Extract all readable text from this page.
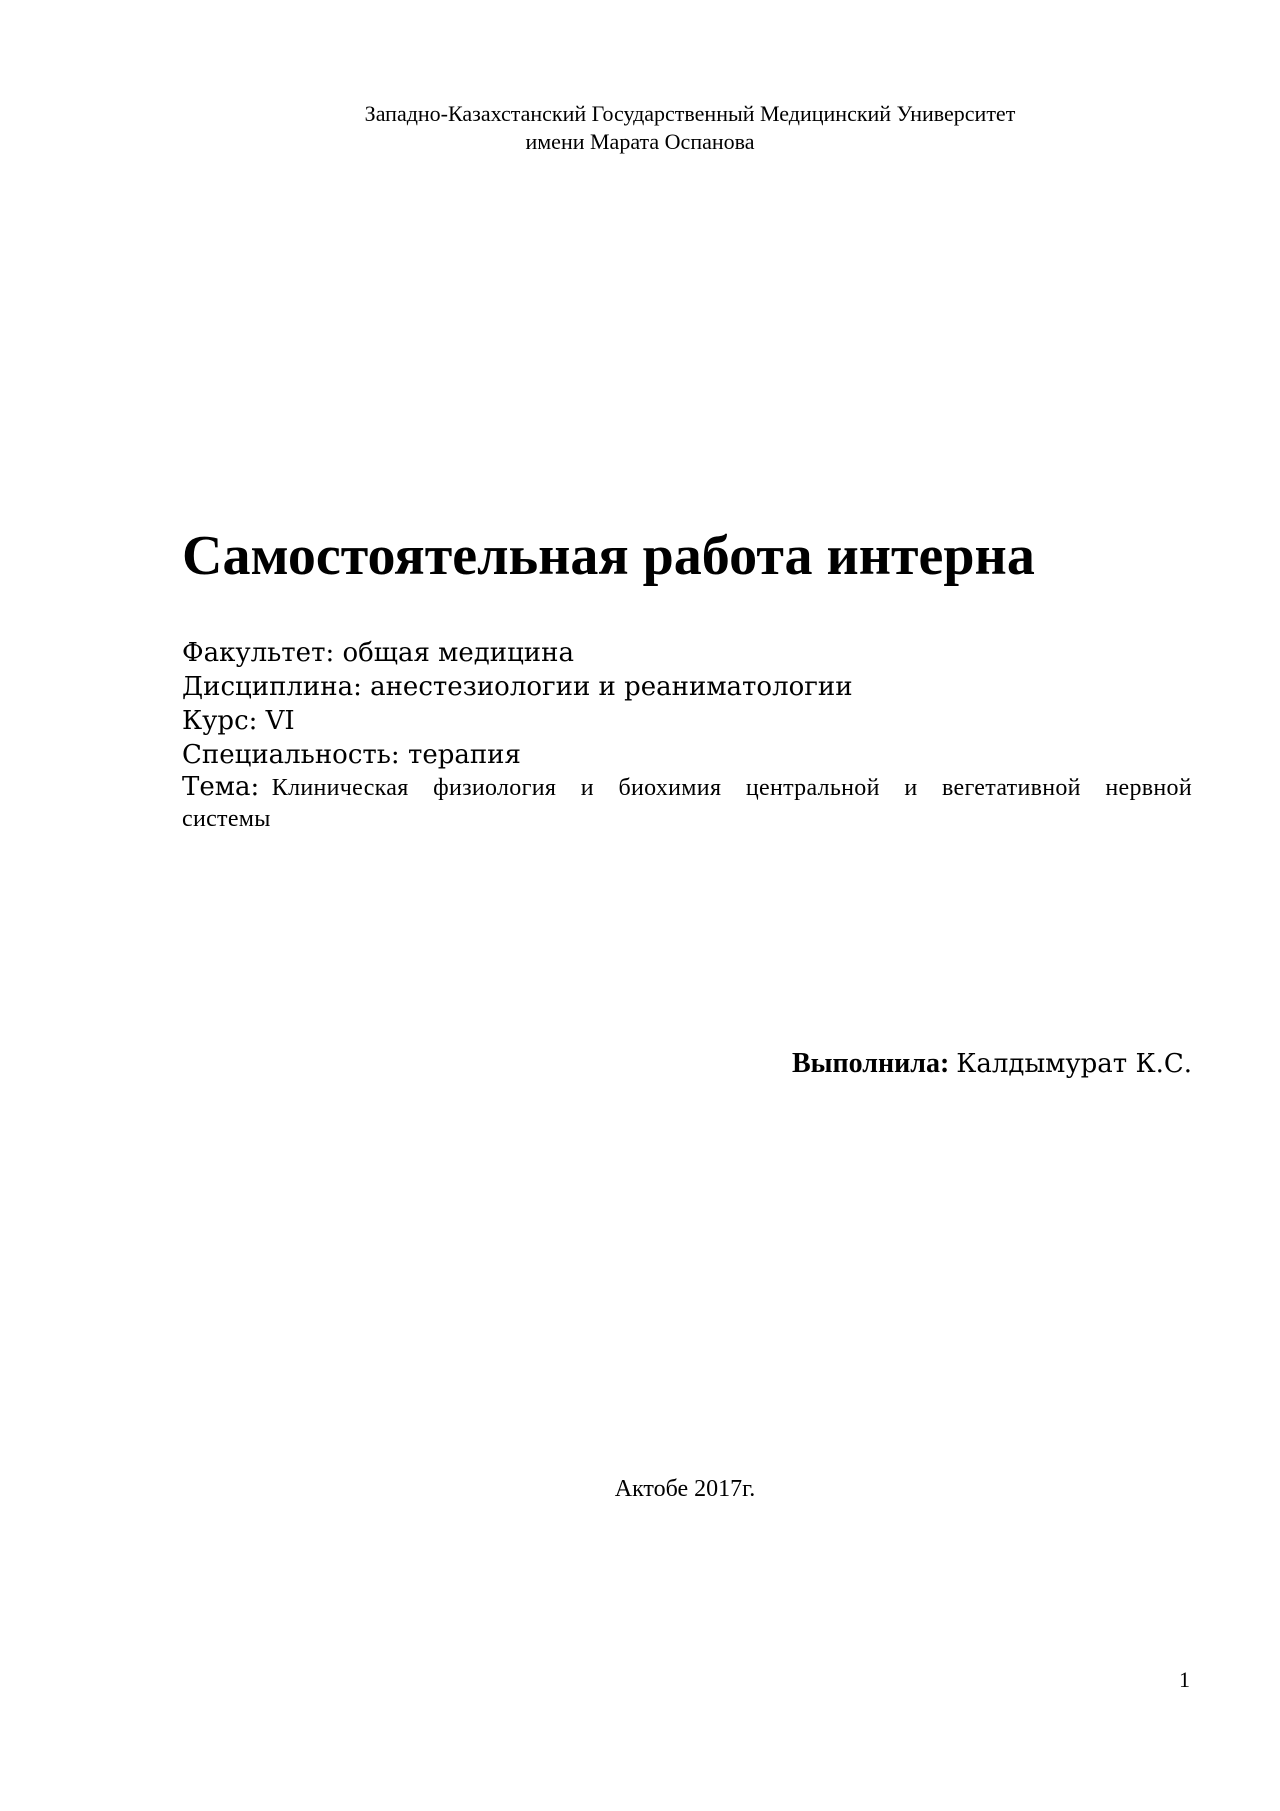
Западно-Казахстанский Государственный Медицинский Университет
имени Марата Оспанова
Самостоятельная работа интерна
Факультет: общая медицина
Дисциплина: анестезиологии и реаниматологии
Курс: VI
Специальность: терапия
Тема: Клиническая физиология и биохимия центральной и вегетативной нервной системы
Выполнила: Калдымурат К.С.
Актобе 2017г.
1
